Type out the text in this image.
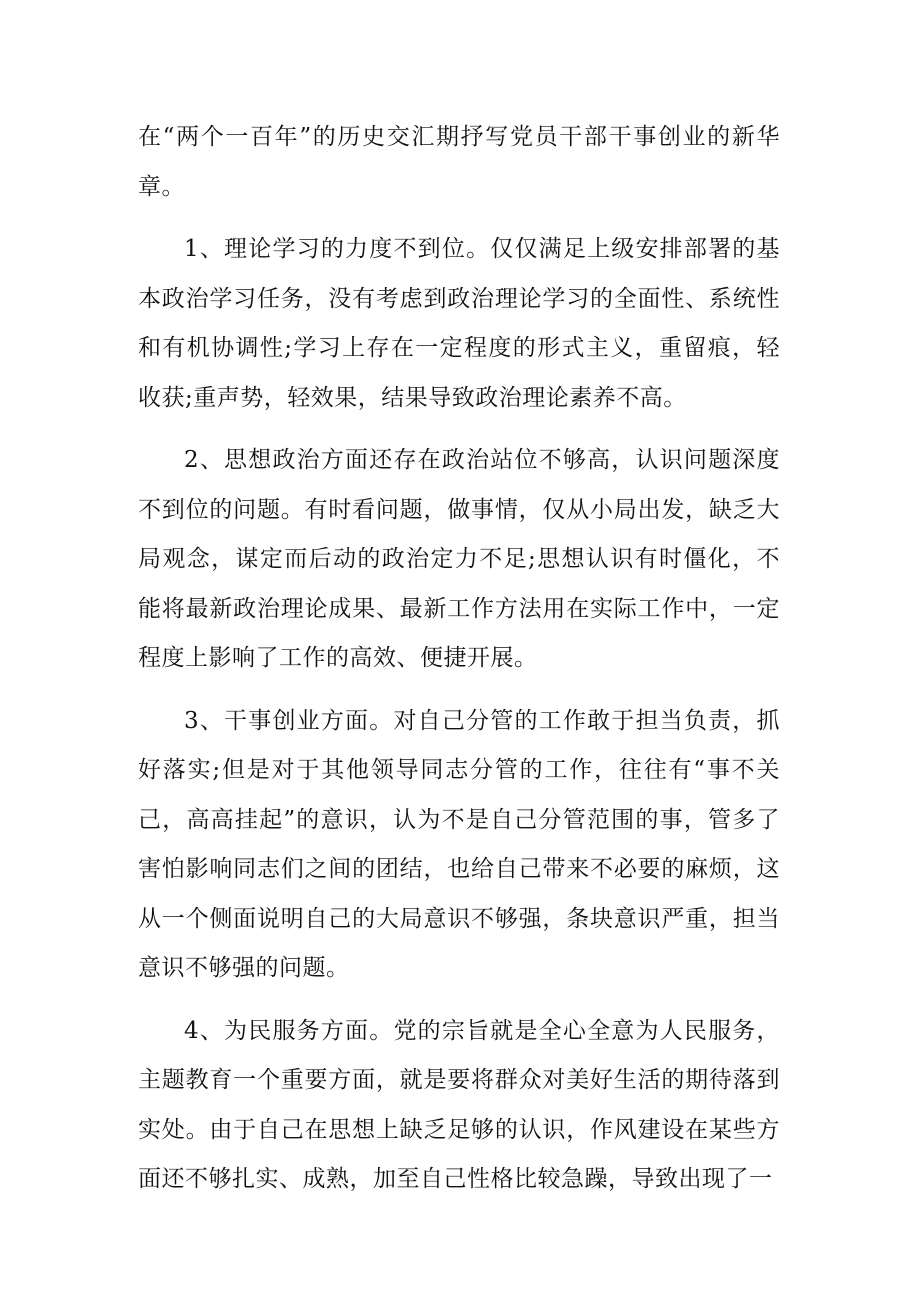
在“两个一百年”的历史交汇期抒写党员干部干事创业的新华章。

1、理论学习的力度不到位。仅仅满足上级安排部署的基本政治学习任务，没有考虑到政治理论学习的全面性、系统性和有机协调性;学习上存在一定程度的形式主义，重留痕，轻收获;重声势，轻效果，结果导致政治理论素养不高。

2、思想政治方面还存在政治站位不够高，认识问题深度不到位的问题。有时看问题，做事情，仅从小局出发，缺乏大局观念，谋定而后动的政治定力不足;思想认识有时僵化，不能将最新政治理论成果、最新工作方法用在实际工作中，一定程度上影响了工作的高效、便捷开展。

3、干事创业方面。对自己分管的工作敢于担当负责，抓好落实;但是对于其他领导同志分管的工作，往往有“事不关己，高高挂起”的意识，认为不是自己分管范围的事，管多了害怕影响同志们之间的团结，也给自己带来不必要的麻烦，这从一个侧面说明自己的大局意识不够强，条块意识严重，担当意识不够强的问题。

4、为民服务方面。党的宗旨就是全心全意为人民服务，主题教育一个重要方面，就是要将群众对美好生活的期待落到实处。由于自己在思想上缺乏足够的认识，作风建设在某些方面还不够扎实、成熟，加至自己性格比较急躁，导致出现了一
